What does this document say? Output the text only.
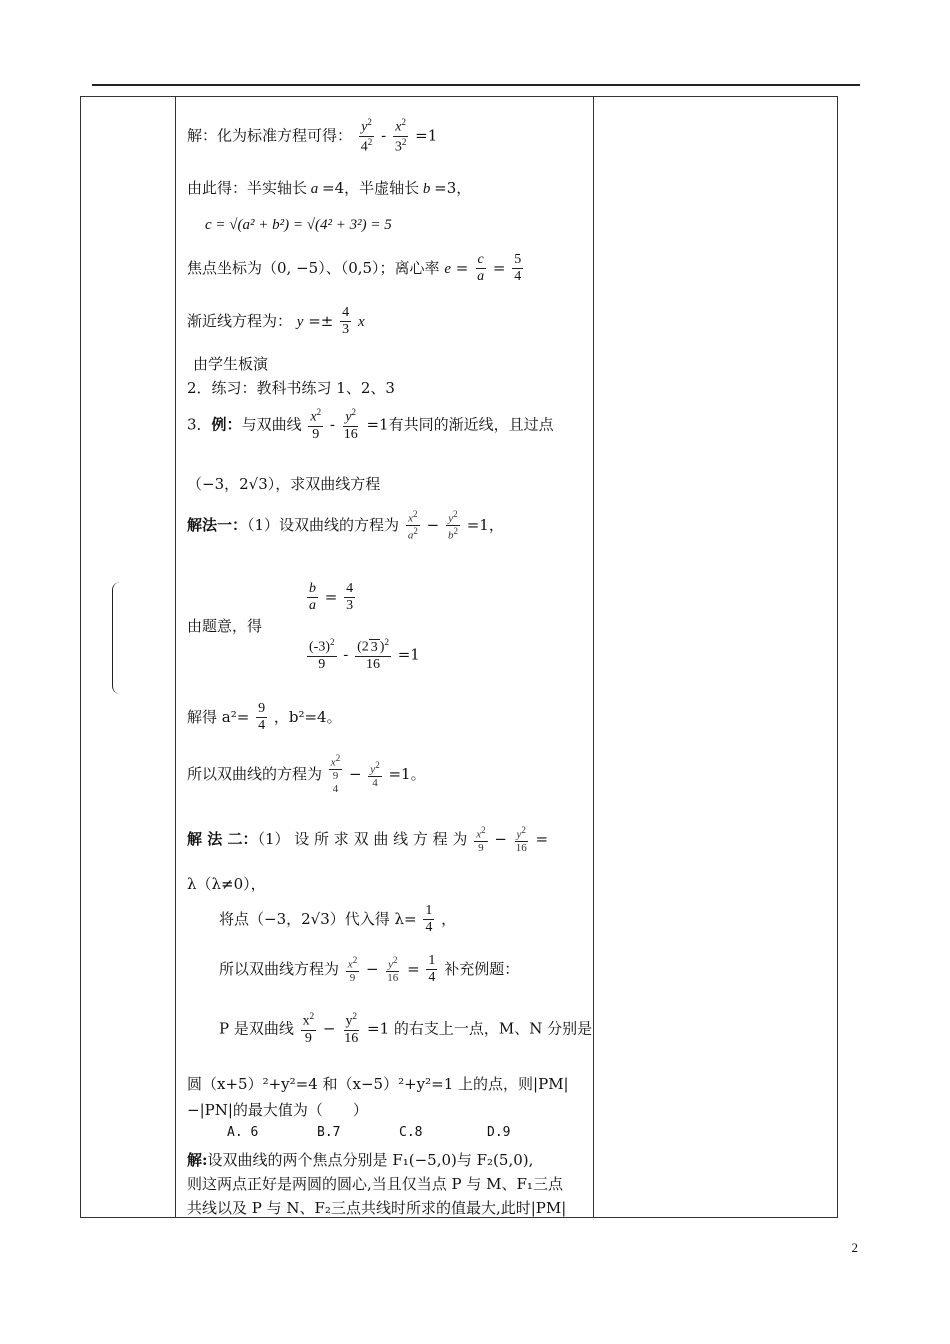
解：化为标准方程可得： $\frac{y^2}{4^2} - \frac{x^2}{3^2} =1$
由此得：半实轴长 a =4，半虚轴长 b =3，
c = √(a² + b²) = √(4² + 3²) = 5
焦点坐标为（0, −5）、（0,5）；离心率 $e = \frac{c}{a} = \frac{5}{4}$
渐近线方程为： $y =\pm \frac{4}{3}$ x
由学生板演
2．练习：教科书练习 1、2、3
3．例：与双曲线 $\frac{x^2}{9} - \frac{y^2}{16} =1$有共同的渐近线，且过点
（−3，2√3），求双曲线方程
解法一：（1）设双曲线的方程为 $\frac{x^2}{a^2} - \frac{y^2}{b^2} =1$，
由题意，得
$\frac{b}{a} = \frac{4}{3}$
$\frac{(-3)^2}{9} - \frac{(2 3 )^2}{16} =1$
解得 $a^2= \frac{9}{4}$ ，b²=4。
所以双曲线的方程为
$x^2$
9
4
− $\frac{y^2}{4} =1$。
解 法 二：（1） 设 所 求 双 曲 线 方 程 为 $\frac{x^2}{9} - \frac{y^2}{16}$ =
λ（λ≠0），
将点（−3，2√3）代入得 $\lambda= \frac{1}{4}$ ，
所以双曲线方程为 $\frac{x^2}{9} - \frac{y^2}{16} = \frac{1}{4}$ 补充例题：
P 是双曲线 $\frac{x^2}{9} - \frac{y^2}{16} =1$ 的右支上一点，M、N 分别是
圆（x+5）²+y²=4 和（x−5）²+y²=1 上的点，则|PM|
−|PN|的最大值为（　　）
A. 6	B.7	C.8	D.9
解:设双曲线的两个焦点分别是 F₁(−5,0)与 F₂(5,0),
则这两点正好是两圆的圆心,当且仅当点 P 与 M、F₁三点
共线以及 P 与 N、F₂三点共线时所求的值最大,此时|PM|
2
